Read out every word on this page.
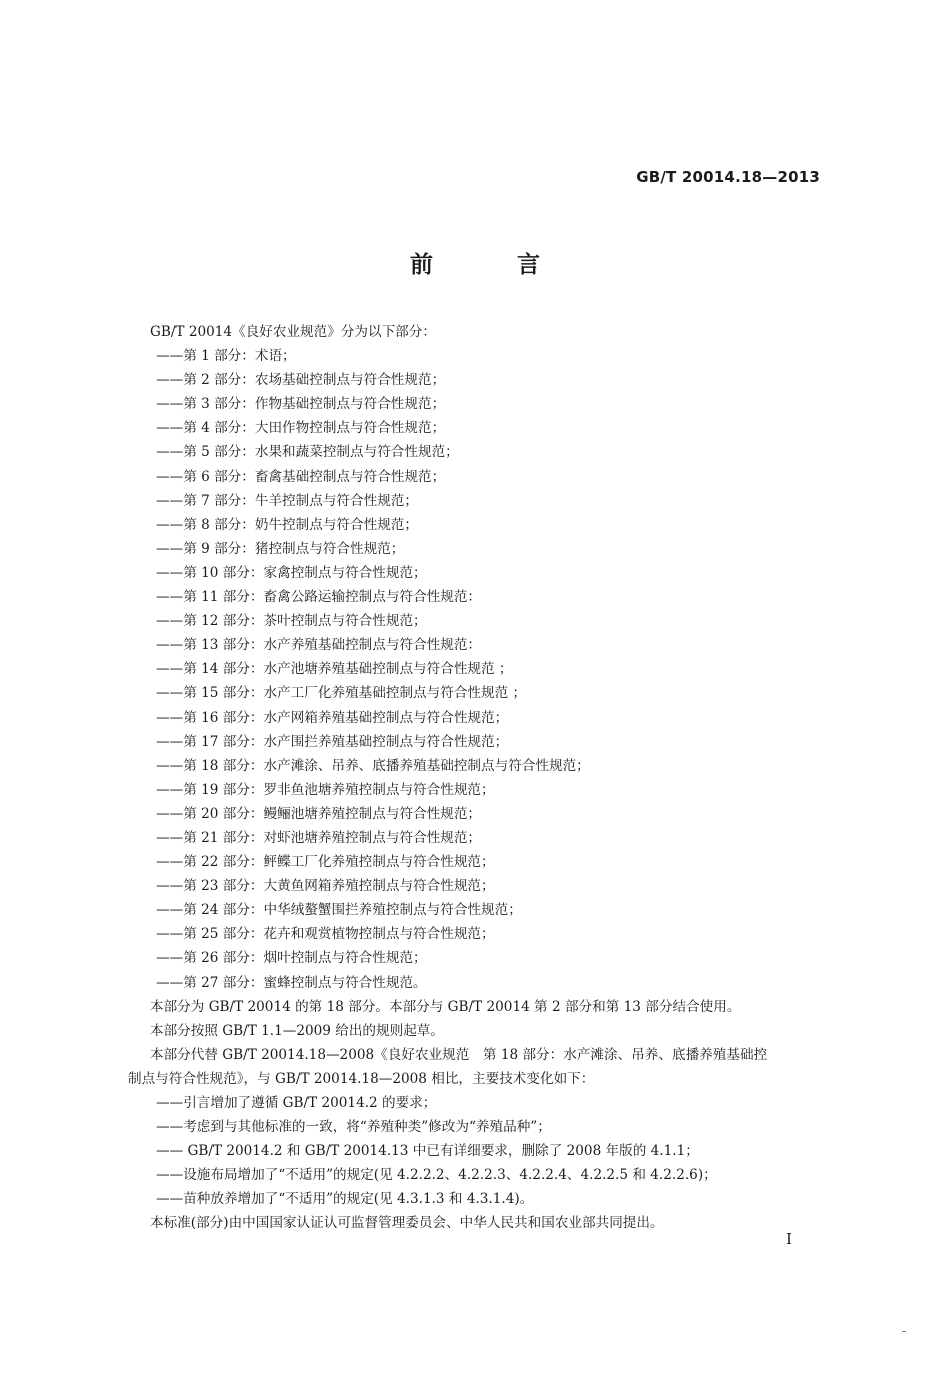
GB/T 20014.18—2013
前 言
GB/T 20014《良好农业规范》分为以下部分：
——第 1 部分：术语；
——第 2 部分：农场基础控制点与符合性规范；
——第 3 部分：作物基础控制点与符合性规范；
——第 4 部分：大田作物控制点与符合性规范；
——第 5 部分：水果和蔬菜控制点与符合性规范；
——第 6 部分：畜禽基础控制点与符合性规范；
——第 7 部分：牛羊控制点与符合性规范；
——第 8 部分：奶牛控制点与符合性规范；
——第 9 部分：猪控制点与符合性规范；
——第 10 部分：家禽控制点与符合性规范；
——第 11 部分：畜禽公路运输控制点与符合性规范：
——第 12 部分：茶叶控制点与符合性规范；
——第 13 部分：水产养殖基础控制点与符合性规范：
——第 14 部分：水产池塘养殖基础控制点与符合性规范 ；
——第 15 部分：水产工厂化养殖基础控制点与符合性规范 ；
——第 16 部分：水产网箱养殖基础控制点与符合性规范；
——第 17 部分：水产围拦养殖基础控制点与符合性规范；
——第 18 部分：水产滩涂、吊养、底播养殖基础控制点与符合性规范；
——第 19 部分：罗非鱼池塘养殖控制点与符合性规范；
——第 20 部分：鳗鲡池塘养殖控制点与符合性规范；
——第 21 部分：对虾池塘养殖控制点与符合性规范；
——第 22 部分：鲆鲽工厂化养殖控制点与符合性规范；
——第 23 部分：大黄鱼网箱养殖控制点与符合性规范；
——第 24 部分：中华绒螯蟹围拦养殖控制点与符合性规范；
——第 25 部分：花卉和观赏植物控制点与符合性规范；
——第 26 部分：烟叶控制点与符合性规范；
——第 27 部分：蜜蜂控制点与符合性规范。
本部分为 GB/T 20014 的第 18 部分。本部分与 GB/T 20014 第 2 部分和第 13 部分结合使用。
本部分按照 GB/T 1.1—2009 给出的规则起草。
本部分代替 GB/T 20014.18—2008《良好农业规范　第 18 部分：水产滩涂、吊养、底播养殖基础控
制点与符合性规范》，与 GB/T 20014.18—2008 相比，主要技术变化如下：
——引言增加了遵循 GB/T 20014.2 的要求；
——考虑到与其他标准的一致，将“养殖种类”修改为“养殖品种”；
—— GB/T 20014.2 和 GB/T 20014.13 中已有详细要求，删除了 2008 年版的 4.1.1；
——设施布局增加了“不适用”的规定(见 4.2.2.2、4.2.2.3、4.2.2.4、4.2.2.5 和 4.2.2.6)；
——苗种放养增加了“不适用”的规定(见 4.3.1.3 和 4.3.1.4)。
本标准(部分)由中国国家认证认可监督管理委员会、中华人民共和国农业部共同提出。
I
-
